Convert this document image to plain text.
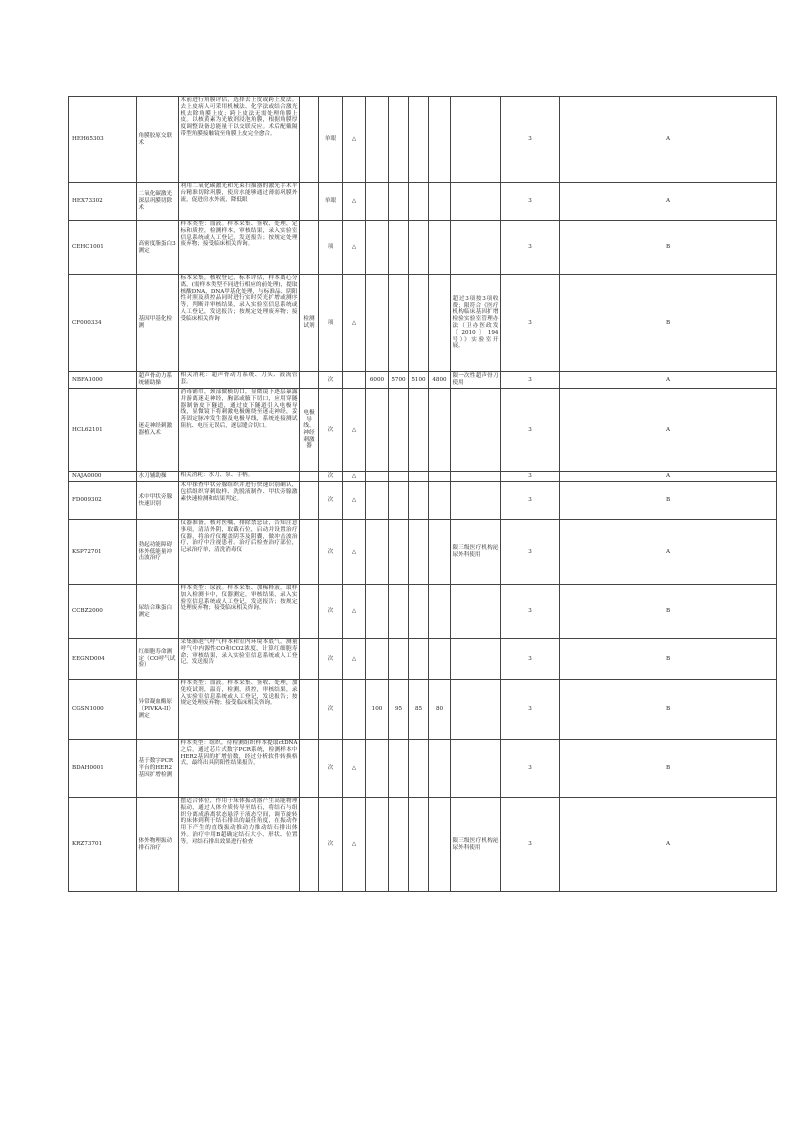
HEH65303	角膜胶原交联术	术前进行角膜评估，选择去上皮或跨上皮法。去上皮病人可采用机械法、化学法或结合激光机去除角膜上皮；跨上皮法无需处理角膜上皮。以核黄素为光敏剂浸泡角膜，根据角膜厚度调整设备总能量干以交联反应。术后配戴隔带型角膜接触镜至角膜上皮完全愈合。		单眼	△						3	A
HEX73302	二氧化碳激光深层巩膜切除术	利用二氧化碳激光和光束扫描器的激光手术平台精准切除巩膜，使房水能够通过薄弱巩膜外流，促进房水外流，降低眼		单眼	△						3	A
CEHC1001	高密度脂蛋白3测定	样本类型：血液。样本采集、签收、处理，定标和质控，检测样本，审核结果，录入实验室信息系统或人工登记，发送报告；按规定处理废弃物；接受临床相关咨询。		项	△						3	B
CF000334	基因甲基化检测	标本采集，核收登记，标本评估，样本离心分离，(需样本类型不同进行相应的前处理)，提取核酸DNA，DNA甲基化处理，与标准品、阴阳性对照及质控品同时进行实时荧光扩增或测序等，判断并审核结果，录入实验室信息系统或人工登记，发送报告；按规定处理废弃物；接受临床相关咨询	检测试剂	项	△					超过3项按3项收费；限符合《医疗机构临床基因扩增检验实验室管理办法（卫办医政发〔2010〕194号）》实验室开展。	3	B
NBFA1000	超声骨动力系统辅助操	相关消耗：超声骨动力系统、刀头、液流管套。		次		6000	5700	5100	4800	限一次性超声骨刀使用	3	A
HCL62101	迷走神经刺激器植入术	消毒铺巾，颈部做横切口，显微镜下逐层暴露并游离迷走神经，胸部或腋下切口，应用穿隧器制备皮下隧道，通过皮下隧道引入电极导线，显微镜下将刺激电极缠绕至迷走神经，妥善固定脉冲发生器及电极导线，系统连接测试阻抗、电压无误后，逐层缝合切口。	电极导线、神经刺激器	次	△						3	A
NAJA0000	水刀辅助操	相关消耗：水刀、泵、手柄。		次	△						3	A
FD009302	术中甲状旁腺快速识别	术中探查甲状旁腺组织并进行快速识别确认，包括组织穿刺取样、洗脱液制作、甲状旁腺激素快速检测和结果判定。		次	△						3	B
KSP72701	勃起功能障碍体外低能量冲击波治疗	仪器准备，核对医嘱，排除禁忌证，告知注意事项，清洁外阴，取截石位，启动并设置治疗仪器，将治疗仪覆盖阴茎及阴囊，做冲击波治疗，治疗中注视患者。治疗后检查治疗部位，记录治疗单，清洗消毒仪		次	△					限三级医疗机构泌尿外科使用	3	A
CCBZ2000	尿结合珠蛋白测定	样本类型：尿液。样本采集、加稀释液，取样加入检测卡中，仪器测定，审核结果，录入实验室信息系统或人工登记，发送报告；按规定处理废弃物；接受临床相关咨询。		次	△						3	B
EEGND004	红细胞寿命测定（CO呼气试验）	采集肺泡气呼气样本和室内环境本底气，测量呼气中内源性CO和CO2浓度，计算红细胞寿命；审核结果，录入实验室信息系统或人工登记，发送报告		次	△						3	B
CGSN1000	异常凝血酶原（PIVKA-II）测定	样本类型：血液。样本采集、签收、处理，加免疫试剂，温育，检测，质控，审核结果，录入实验室信息系统或人工登记，发送报告；按规定处理废弃物；接受临床相关咨询。		次		100	95	85	80		3	B
BDAH0001	基于数字PCR平台的HER2基因扩增检测	样本类型：组织。待检测组织样本提取ctDNA之后，通过芯片式数字PCR系统，检测样本中HER2基因的扩增倍数，经过分析软件转换格式，最终出具阴阳性结果报告。		次	△						3	B
KRZ73701	体外物理振动排石治疗	摆适合体位，作用于床体振动器产生高能物理振动，通过人体介质传导至结石，将结石与组织分离成游离状态悬浮于液态空间，调节旋转的床体到利于结石排出的最佳角度，在振动作用下产生的直线振动推动力推动结石排出体外。治疗中用B超确定结石大小、形状、位置等，对结石排出效果进行检查		次	△					限三级医疗机构泌尿外科使用	3	A
